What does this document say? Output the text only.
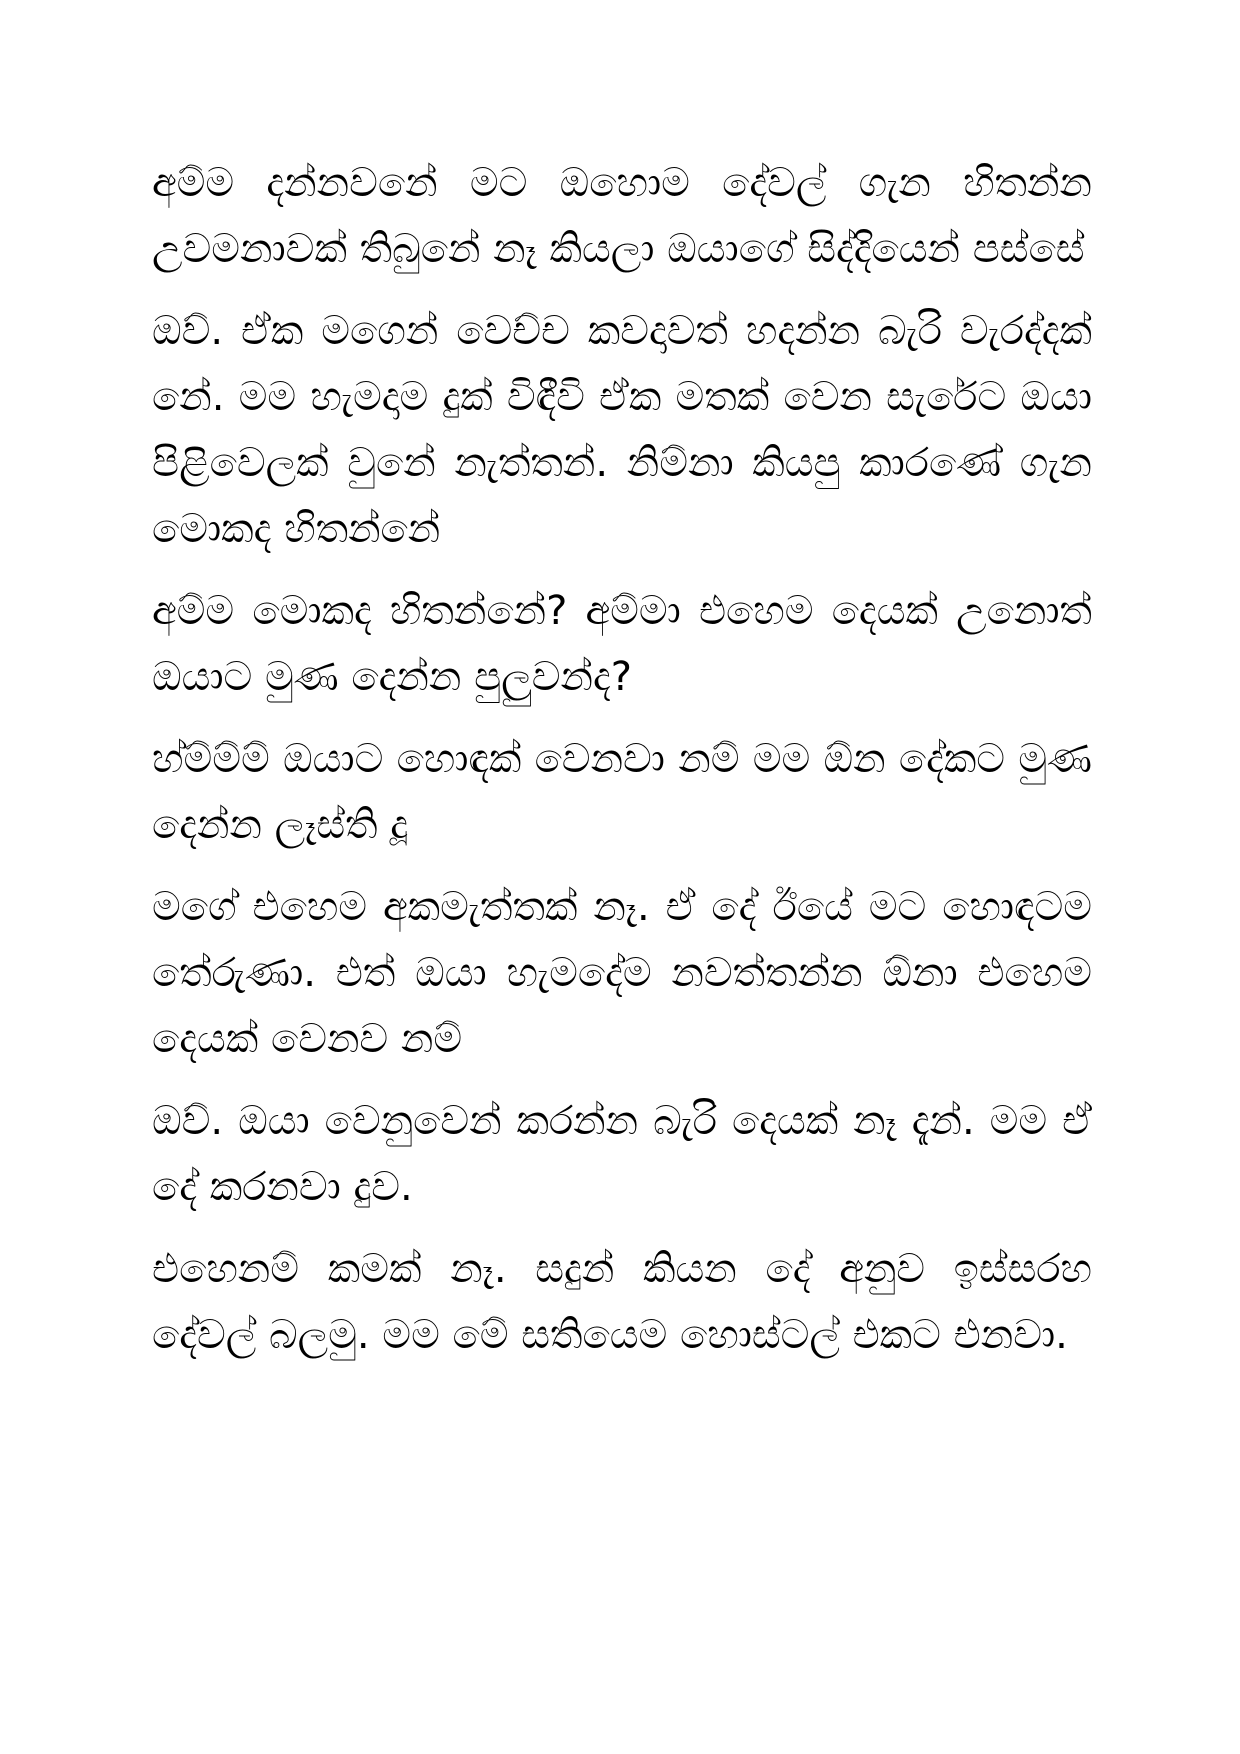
අම්ම දන්නවනේ මට ඔහොම දේවල් ගැන හිතන්න උවමනාවක් තිබුනේ නෑ කියලා ඔයාගේ සිද්දියෙන් පස්සේ

ඔව්. ඒක මගෙන් වෙච්ච කවදාවත් හදන්න බැරි වැරද්දක් නේ. මම හැමදාම දුක් විඳීවි ඒක මතක් වෙන සැරේට ඔයා පිළිවෙලක් වුනේ නැත්තන්. නිම්නා කියපු කාරණේ ගැන මොකද හිතන්නේ

අම්ම මොකද හිතන්නේ? අම්මා එහෙම දෙයක් උනොත් ඔයාට මුණ දෙන්න පුලුවන්ද?

හ්ම්ම්ම් ඔයාට හොඳක් වෙනවා නම් මම ඕන දේකට මුණ දෙන්න ලෑස්ති දූ

මගේ එහෙම අකමැත්තක් නෑ. ඒ දේ ඊයේ මට හොඳටම තේරුණා. එත් ඔයා හැමදේම නවත්තන්න ඕනා එහෙම දෙයක් වෙනව නම්

ඔව්. ඔයා වෙනුවෙන් කරන්න බැරි දෙයක් නෑ දැන්. මම ඒ දේ කරනවා දුව.

එහෙනම් කමක් නෑ. සදුන් කියන දේ අනුව ඉස්සරහ දේවල් බලමු. මම මේ සතියෙම හොස්ටල් එකට එනවා.
